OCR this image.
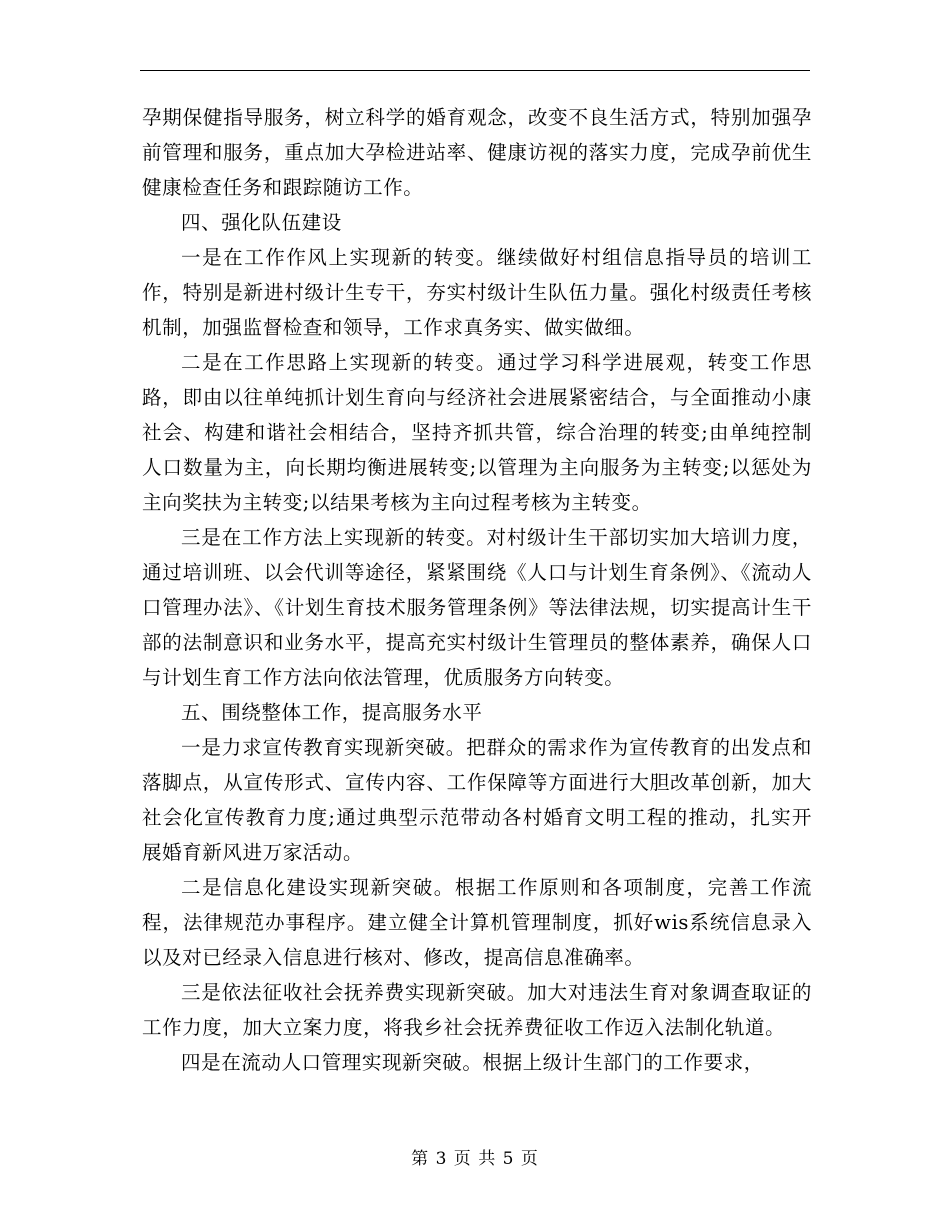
孕期保健指导服务，树立科学的婚育观念，改变不良生活方式，特别加强孕前管理和服务，重点加大孕检进站率、健康访视的落实力度，完成孕前优生健康检查任务和跟踪随访工作。

四、强化队伍建设

一是在工作作风上实现新的转变。继续做好村组信息指导员的培训工作，特别是新进村级计生专干，夯实村级计生队伍力量。强化村级责任考核机制，加强监督检查和领导，工作求真务实、做实做细。

二是在工作思路上实现新的转变。通过学习科学进展观，转变工作思路，即由以往单纯抓计划生育向与经济社会进展紧密结合，与全面推动小康社会、构建和谐社会相结合，坚持齐抓共管，综合治理的转变;由单纯控制人口数量为主，向长期均衡进展转变;以管理为主向服务为主转变;以惩处为主向奖扶为主转变;以结果考核为主向过程考核为主转变。

三是在工作方法上实现新的转变。对村级计生干部切实加大培训力度，通过培训班、以会代训等途径，紧紧围绕《人口与计划生育条例》、《流动人口管理办法》、《计划生育技术服务管理条例》等法律法规，切实提高计生干部的法制意识和业务水平，提高充实村级计生管理员的整体素养，确保人口与计划生育工作方法向依法管理，优质服务方向转变。

五、围绕整体工作，提高服务水平

一是力求宣传教育实现新突破。把群众的需求作为宣传教育的出发点和落脚点，从宣传形式、宣传内容、工作保障等方面进行大胆改革创新，加大社会化宣传教育力度;通过典型示范带动各村婚育文明工程的推动，扎实开展婚育新风进万家活动。

二是信息化建设实现新突破。根据工作原则和各项制度，完善工作流程，法律规范办事程序。建立健全计算机管理制度，抓好wis系统信息录入以及对已经录入信息进行核对、修改，提高信息准确率。

三是依法征收社会抚养费实现新突破。加大对违法生育对象调查取证的工作力度，加大立案力度，将我乡社会抚养费征收工作迈入法制化轨道。

四是在流动人口管理实现新突破。根据上级计生部门的工作要求，

第 3 页 共 5 页
